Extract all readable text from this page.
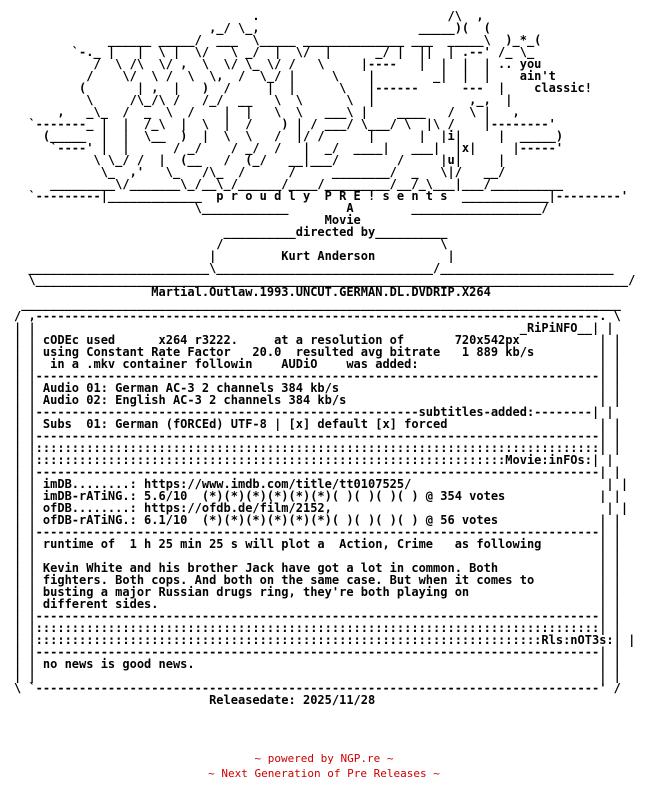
.                          /\  ,
,_/ \_,                      _____)(  (
______ _____/  ___  \_____ ______________ ___  _____\  )_*_(
`-._ |   |  \ |  \/   \ _/  |  \/  |      _/ |  ||  | .--' /_ \_
/  \ /\  \/ ,  \  \/ \_ \/ /   \     |----   |  |  |  | .. you
/    \/  \ /  \  \,  /  \_/ |     \    |        _|  |  |    ain't
(       | ,  |   )  /     |  |      \   |------      ---  |    classic!
\     /\_/\ /   /_/  __   \  \      \  |             ,_,  |
,   _\_  /  _  \  /    |  |   \  \   ___\ |    ____   /  \ |   ,
`-------_ |  |  /_\  |  \  |  /    ) | / ___/ \___/ \  |\ /    |--------'
(_____  |  |  \__  )  |  \  \   /  |/ /      |      |  |i|     |  _____)
`----' |  |      / _/    / _/  /   |  _/  ____|   ___|  |x|     |-----'
\ \_/ /  |  (__   /  (_/   __|___/        /     |u|     |
\_  ,'   \_   /\_  /      /     ________/  _   \|/   __/
_________\/_______\_/__\_/______/____/_________/__/_\___|___/__________
`---------|_____________  p r o u d l y  P R E ! s e n t s  ____________|---------'
\____________        A        __________________/
Movie
__________directed by__________
/                              \
|         Kurt Anderson          |
_________________________\______________________________/________________________
\__________________________________________________________________________________/
Martial.Outlaw.1993.UNCUT.GERMAN.DL.DVDRIP.X264
___________________________________________________________________________________
/ ,------------------------------------------------------------------------------. \
| |                                                                   _RiPiNFO__| |
| | cODEc used      x264 r3222.     at a resolution of       720x542px           | |
| | using Constant Rate Factor   20.0  resulted avg bitrate   1 889 kb/s         | |
| |  in a .mkv container followin    AUDiO    was added:                         | |
| |------------------------------------------------------------------------------| |
| | Audio 01: German AC-3 2 channels 384 kb/s                                    | |
| | Audio 02: English AC-3 2 channels 384 kb/s                                   | |
| |-----------------------------------------------------subtitles-added:--------| |
| | Subs  01: German (fORCEd) UTF-8 | [x] default [x] forced                     | |
| |------------------------------------------------------------------------------| |
| |::::::::::::::::::::::::::::::::::::::::::::::::::::::::::::::::::::::::::::::| |
| |:::::::::::::::::::::::::::::::::::::::::::::::::::::::::::::::::Movie:inFOs:| |
| |------------------------------------------------------------------------------| |
| | imDB........: https://www.imdb.com/title/tt0107525/                           | |
| | imDB-rATiNG.: 5.6/10  (*)(*)(*)(*)(*)(*)( )( )( )( ) @ 354 votes             | |
| | ofDB........: https://ofdb.de/film/2152,                                      | |
| | ofDB-rATiNG.: 6.1/10  (*)(*)(*)(*)(*)(*)( )( )( )( ) @ 56 votes              | |
| |------------------------------------------------------------------------------| |
| | runtime of  1 h 25 min 25 s will plot a  Action, Crime   as following        | |
| |                                                                              | |
| | Kevin White and his brother Jack have got a lot in common. Both              | |
| | fighters. Both cops. And both on the same case. But when it comes to         | |
| | busting a major Russian drugs ring, they're both playing on                  | |
| | different sides.                                                             | |
| |------------------------------------------------------------------------------| |
| |::::::::::::::::::::::::::::::::::::::::::::::::::::::::::::::::::::::::::::::| |
| |::::::::::::::::::::::::::::::::::::::::::::::::::::::::::::::::::::::Rls:nOT3s:| |
| |------------------------------------------------------------------------------| |
| | no news is good news.                                                        | |
| |                                                                              | |
\ `------------------------------------------------------------------------------' /
Releasedate: 2025/11/28
~ powered by NGP.re ~
~ Next Generation of Pre Releases ~
